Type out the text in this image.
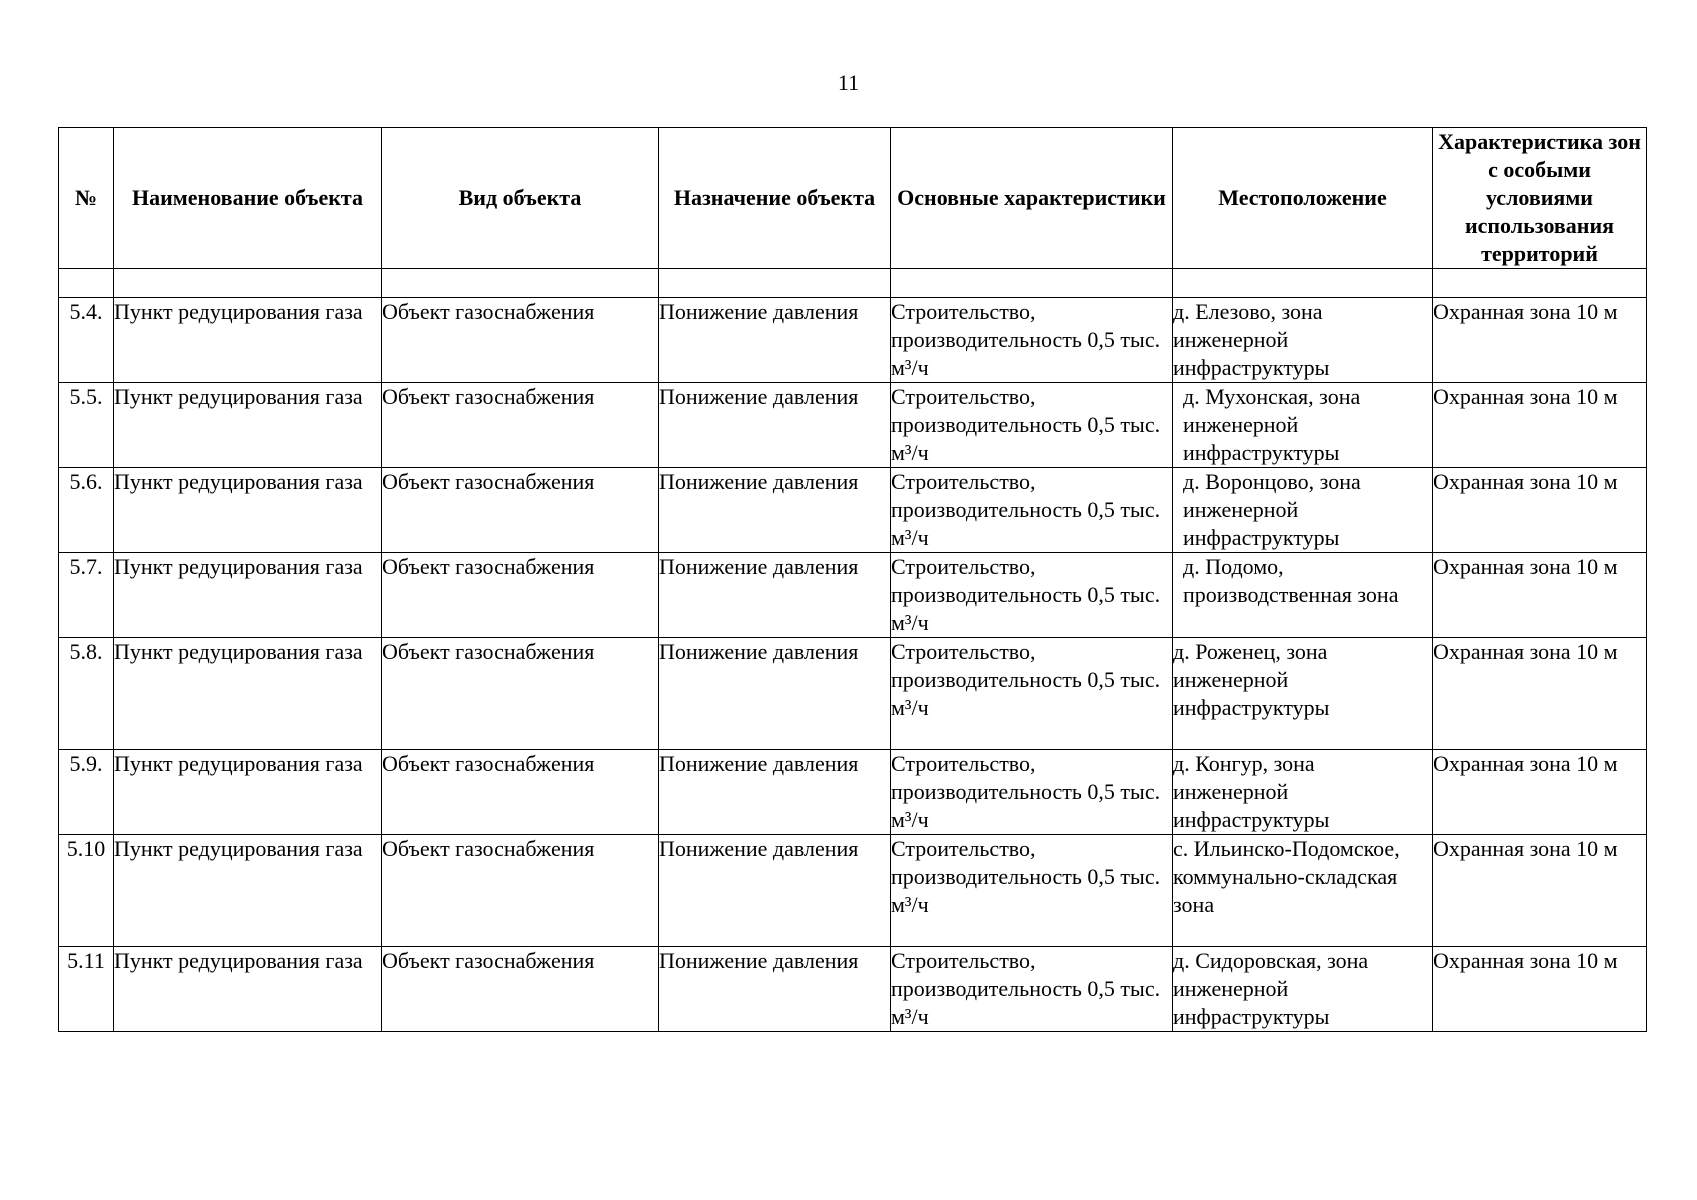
11
№	Наименование объекта	Вид объекта	Назначение объекта	Основные характеристики	Местоположение	Характеристика зон с особыми условиями использования территорий

5.4.	Пункт редуцирования газа	Объект газоснабжения	Понижение давления	Строительство, производительность 0,5 тыс. м³/ч	д. Елезово, зона инженерной инфраструктуры	Охранная зона 10 м
5.5.	Пункт редуцирования газа	Объект газоснабжения	Понижение давления	Строительство, производительность 0,5 тыс. м³/ч	д. Мухонская, зона инженерной инфраструктуры	Охранная зона 10 м
5.6.	Пункт редуцирования газа	Объект газоснабжения	Понижение давления	Строительство, производительность 0,5 тыс. м³/ч	д. Воронцово, зона инженерной инфраструктуры	Охранная зона 10 м
5.7.	Пункт редуцирования газа	Объект газоснабжения	Понижение давления	Строительство, производительность 0,5 тыс. м³/ч	д. Подомо, производственная зона	Охранная зона 10 м
5.8.	Пункт редуцирования газа	Объект газоснабжения	Понижение давления	Строительство, производительность 0,5 тыс. м³/ч	д. Роженец, зона инженерной инфраструктуры	Охранная зона 10 м
5.9.	Пункт редуцирования газа	Объект газоснабжения	Понижение давления	Строительство, производительность 0,5 тыс. м³/ч	д. Конгур, зона инженерной инфраструктуры	Охранная зона 10 м
5.10	Пункт редуцирования газа	Объект газоснабжения	Понижение давления	Строительство, производительность 0,5 тыс. м³/ч	с. Ильинско-Подомское, коммунально-складская зона	Охранная зона 10 м
5.11	Пункт редуцирования газа	Объект газоснабжения	Понижение давления	Строительство, производительность 0,5 тыс. м³/ч	д. Сидоровская, зона инженерной инфраструктуры	Охранная зона 10 м
